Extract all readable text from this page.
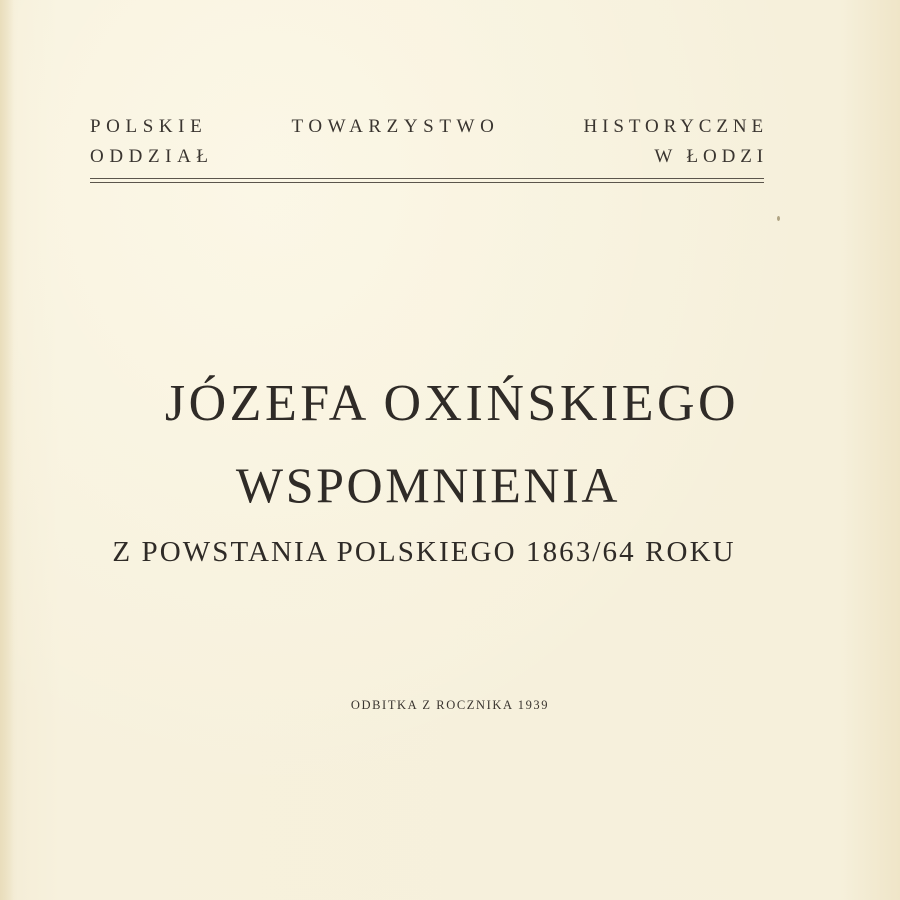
POLSKIE	TOWARZYSTWO	HISTORYCZNE
ODDZIAŁ	W ŁODZI
JÓZEFA OXIŃSKIEGO
WSPOMNIENIA
Z POWSTANIA POLSKIEGO 1863/64 ROKU
ODBITKA Z ROCZNIKA 1939
